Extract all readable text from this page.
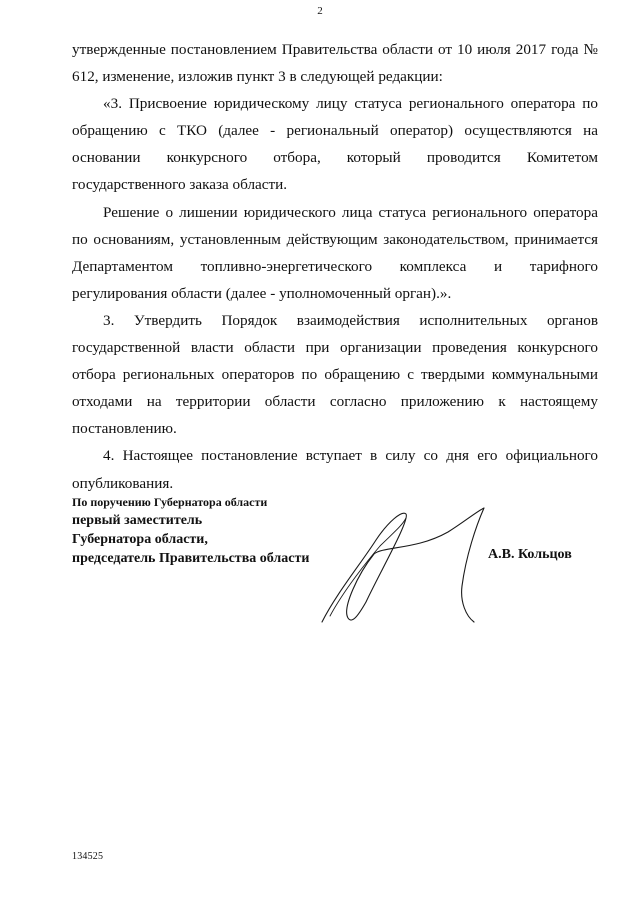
2

утвержденные постановлением Правительства области от 10 июля 2017 года № 612, изменение, изложив пункт 3 в следующей редакции:

«3. Присвоение юридическому лицу статуса регионального оператора по обращению с ТКО (далее - региональный оператор) осуществляются на основании конкурсного отбора, который проводится Комитетом государственного заказа области.

Решение о лишении юридического лица статуса регионального оператора по основаниям, установленным действующим законодательством, принимается Департаментом топливно-энергетического комплекса и тарифного регулирования области (далее - уполномоченный орган).».

3. Утвердить Порядок взаимодействия исполнительных органов государственной власти области при организации проведения конкурсного отбора региональных операторов по обращению с твердыми коммунальными отходами на территории области согласно приложению к настоящему постановлению.

4. Настоящее постановление вступает в силу со дня его официального опубликования.

По поручению Губернатора области
первый заместитель
Губернатора области,
председатель Правительства области	А.В. Кольцов
134525
